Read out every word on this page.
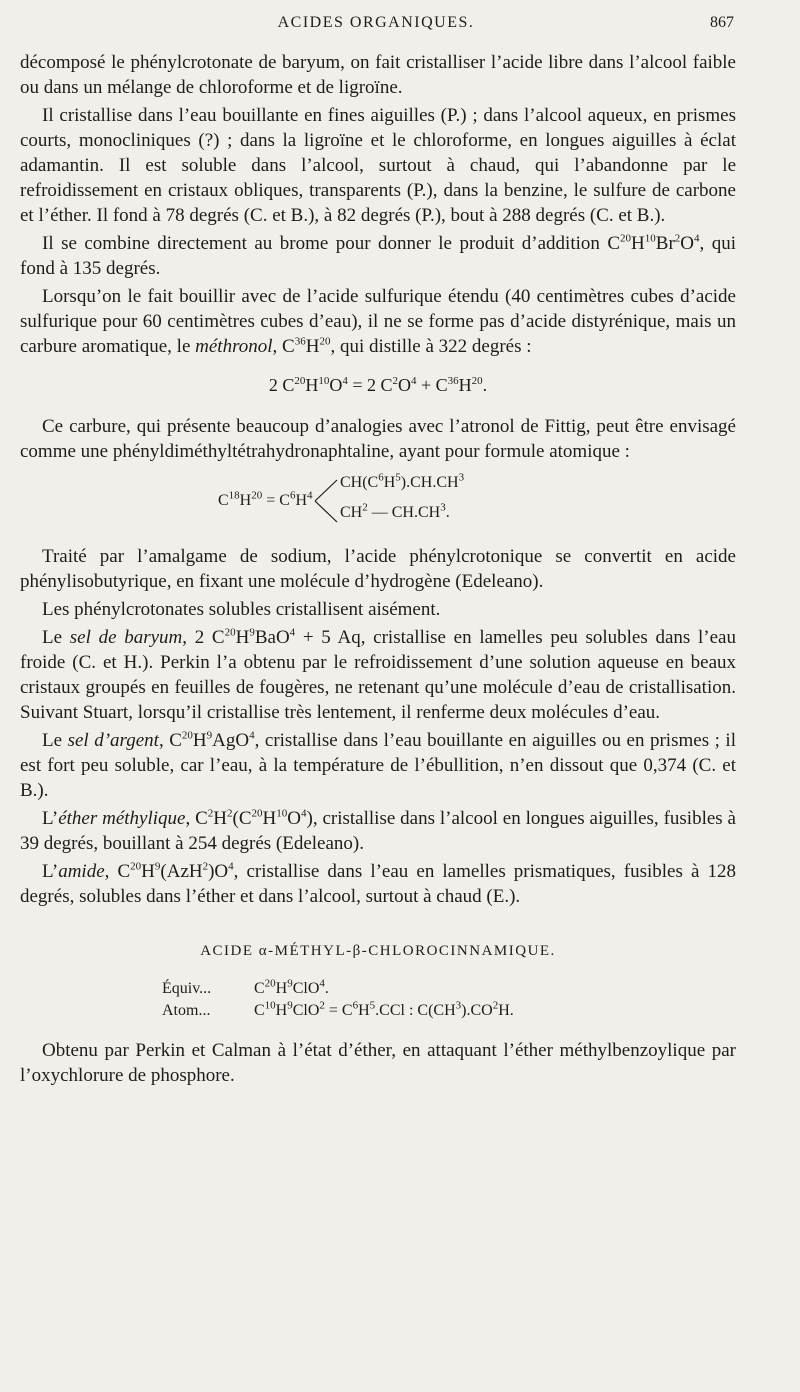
ACIDES ORGANIQUES.	867

décomposé le phénylcrotonate de baryum, on fait cristalliser l’acide libre dans l’alcool faible ou dans un mélange de chloroforme et de ligroïne.

Il cristallise dans l’eau bouillante en fines aiguilles (P.) ; dans l’alcool aqueux, en prismes courts, monocliniques (?) ; dans la ligroïne et le chloroforme, en longues aiguilles à éclat adamantin. Il est soluble dans l’alcool, surtout à chaud, qui l’abandonne par le refroidissement en cristaux obliques, transparents (P.), dans la benzine, le sulfure de carbone et l’éther. Il fond à 78 degrés (C. et B.), à 82 degrés (P.), bout à 288 degrés (C. et B.).

Il se combine directement au brome pour donner le produit d’addition $C^{20}H^{10}Br^2O^4$, qui fond à 135 degrés.

Lorsqu’on le fait bouillir avec de l’acide sulfurique étendu (40 centimètres cubes d’acide sulfurique pour 60 centimètres cubes d’eau), il ne se forme pas d’acide distyrénique, mais un carbure aromatique, le méthronol, $C^{36}H^{20}$, qui distille à 322 degrés :

2 $C^{20}H^{10}O^4 = 2$ $C^2O^4 + C^{36}H^{20}$.

Ce carbure, qui présente beaucoup d’analogies avec l’atronol de Fittig, peut être envisagé comme une phényldiméthyltétrahydronaphtaline, ayant pour formule atomique :

$C^{18}H^{20} = C^6H^4$
$CH(C^6H^5).CH.CH^3$
$CH^2$ — $CH.CH^3$.

Traité par l’amalgame de sodium, l’acide phénylcrotonique se convertit en acide phénylisobutyrique, en fixant une molécule d’hydrogène (Edeleano).

Les phénylcrotonates solubles cristallisent aisément.

Le sel de baryum, 2 $C^{20}H^9BaO^4 + 5$ Aq, cristallise en lamelles peu solubles dans l’eau froide (C. et H.). Perkin l’a obtenu par le refroidissement d’une solution aqueuse en beaux cristaux groupés en feuilles de fougères, ne retenant qu’une molécule d’eau de cristallisation. Suivant Stuart, lorsqu’il cristallise très lentement, il renferme deux molécules d’eau.

Le sel d’argent, $C^{20}H^9AgO^4$, cristallise dans l’eau bouillante en aiguilles ou en prismes ; il est fort peu soluble, car l’eau, à la température de l’ébullition, n’en dissout que 0,374 (C. et B.).

L’éther méthylique, $C^2H^2(C^{20}H^{10}O^4)$, cristallise dans l’alcool en longues aiguilles, fusibles à 39 degrés, bouillant à 254 degrés (Edeleano).

L’amide, $C^{20}H^9(AzH^2)O^4$, cristallise dans l’eau en lamelles prismatiques, fusibles à 128 degrés, solubles dans l’éther et dans l’alcool, surtout à chaud (E.).

ACIDE α-MÉTHYL-β-CHLOROCINNAMIQUE.
Équiv...	$C^{20}H^9ClO^4$.
Atom...	$C^{10}H^9ClO^2 = C^6H^5.CCl$ : $C(CH^3).CO^2H$.

Obtenu par Perkin et Calman à l’état d’éther, en attaquant l’éther méthylbenzoylique par l’oxychlorure de phosphore.
